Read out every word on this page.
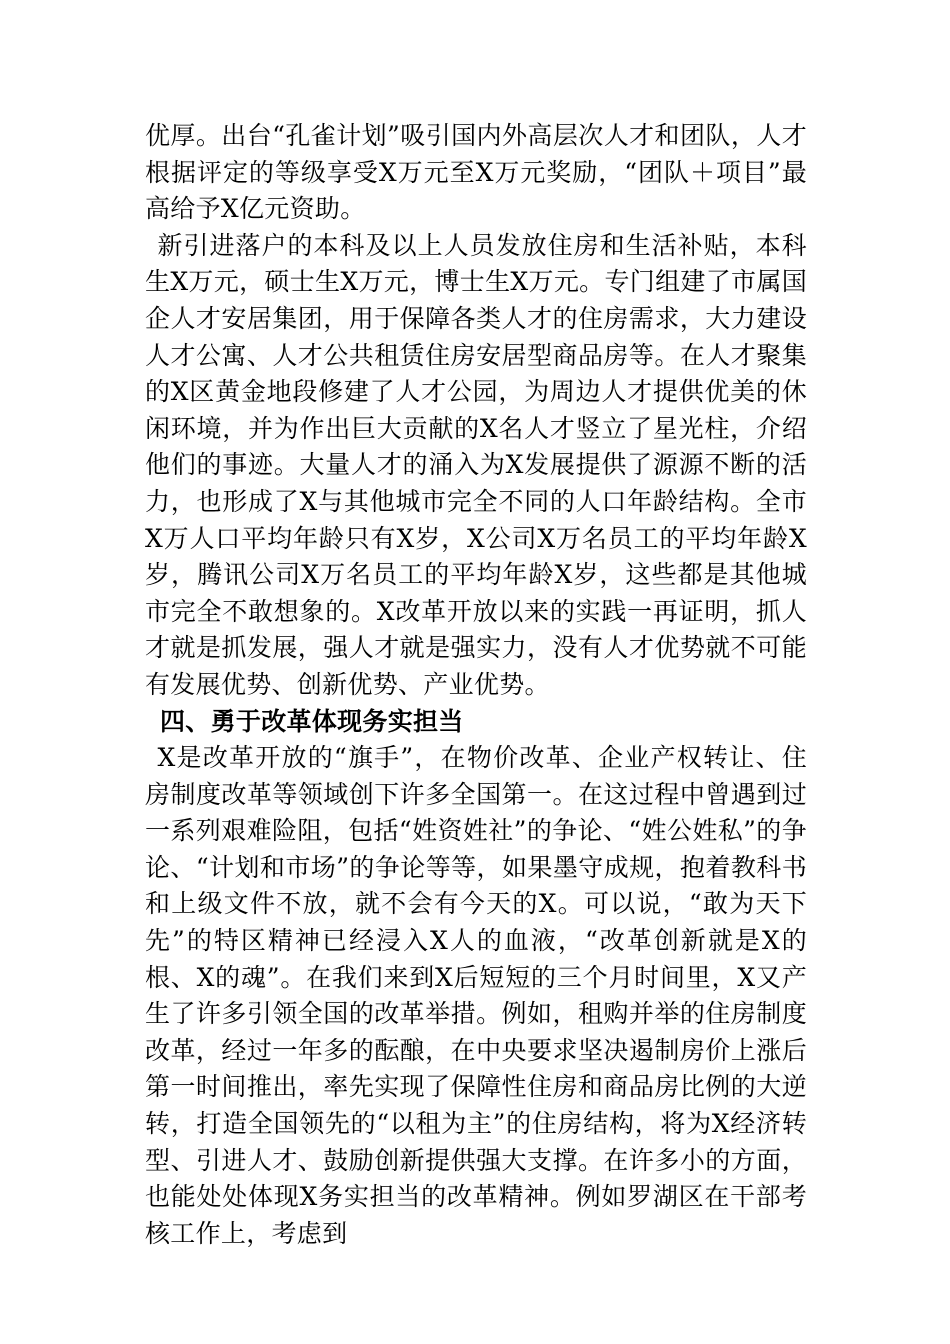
优厚。出台“孔雀计划”吸引国内外高层次人才和团队，人才根据评定的等级享受X万元至X万元奖励，“团队＋项目”最高给予X亿元资助。

新引进落户的本科及以上人员发放住房和生活补贴，本科生X万元，硕士生X万元，博士生X万元。专门组建了市属国企人才安居集团，用于保障各类人才的住房需求，大力建设人才公寓、人才公共租赁住房安居型商品房等。在人才聚集的X区黄金地段修建了人才公园，为周边人才提供优美的休闲环境，并为作出巨大贡献的X名人才竖立了星光柱，介绍他们的事迹。大量人才的涌入为X发展提供了源源不断的活力，也形成了X与其他城市完全不同的人口年龄结构。全市X万人口平均年龄只有X岁，X公司X万名员工的平均年龄X岁，腾讯公司X万名员工的平均年龄X岁，这些都是其他城市完全不敢想象的。X改革开放以来的实践一再证明，抓人才就是抓发展，强人才就是强实力，没有人才优势就不可能有发展优势、创新优势、产业优势。

四、勇于改革体现务实担当

X是改革开放的“旗手”，在物价改革、企业产权转让、住房制度改革等领域创下许多全国第一。在这过程中曾遇到过一系列艰难险阻，包括“姓资姓社”的争论、“姓公姓私”的争论、“计划和市场”的争论等等，如果墨守成规，抱着教科书和上级文件不放，就不会有今天的X。可以说，“敢为天下先”的特区精神已经浸入X人的血液，“改革创新就是X的根、X的魂”。在我们来到X后短短的三个月时间里，X又产生了许多引领全国的改革举措。例如，租购并举的住房制度改革，经过一年多的酝酿，在中央要求坚决遏制房价上涨后第一时间推出，率先实现了保障性住房和商品房比例的大逆转，打造全国领先的“以租为主”的住房结构，将为X经济转型、引进人才、鼓励创新提供强大支撑。在许多小的方面，也能处处体现X务实担当的改革精神。例如罗湖区在干部考核工作上，考虑到
